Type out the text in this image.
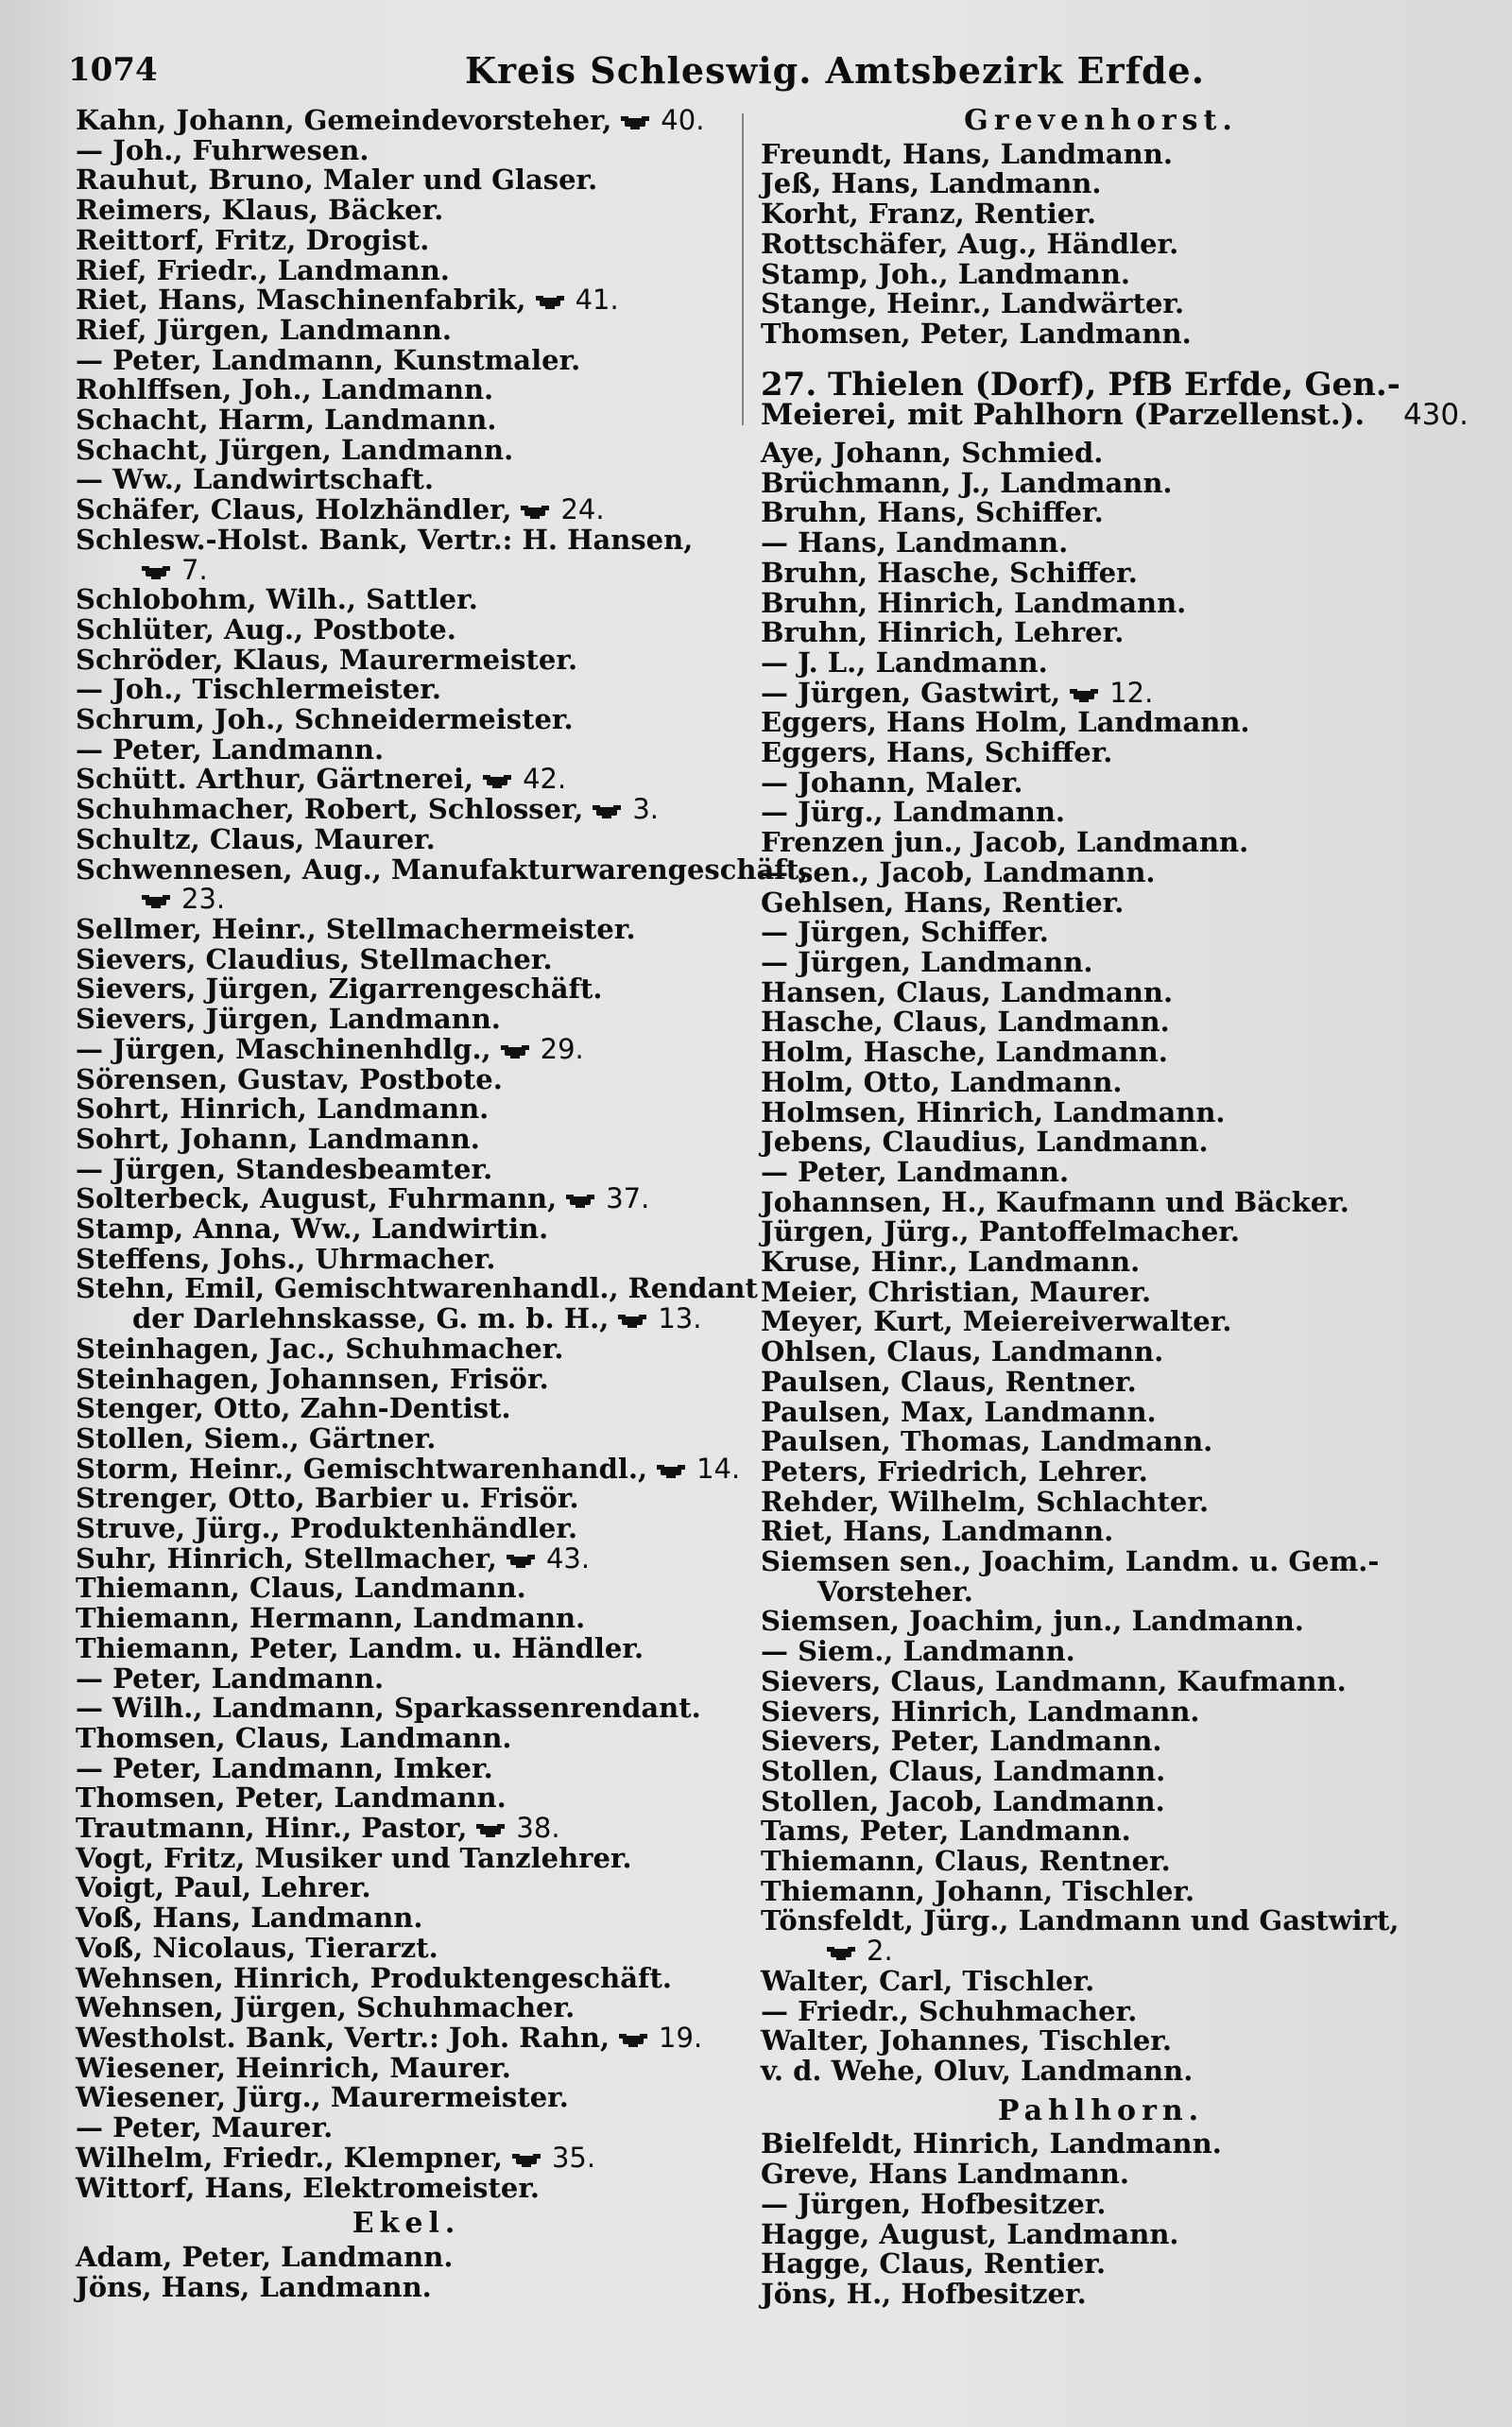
1074	Kreis Schleswig. Amtsbezirk Erfde.
Kahn, Johann, Gemeindevorsteher, 40.
— Joh., Fuhrwesen.
Rauhut, Bruno, Maler und Glaser.
Reimers, Klaus, Bäcker.
Reittorf, Fritz, Drogist.
Rief, Friedr., Landmann.
Riet, Hans, Maschinenfabrik, 41.
Rief, Jürgen, Landmann.
— Peter, Landmann, Kunstmaler.
Rohlffsen, Joh., Landmann.
Schacht, Harm, Landmann.
Schacht, Jürgen, Landmann.
— Ww., Landwirtschaft.
Schäfer, Claus, Holzhändler, 24.
Schlesw.-Holst. Bank, Vertr.: H. Hansen,
7.
Schlobohm, Wilh., Sattler.
Schlüter, Aug., Postbote.
Schröder, Klaus, Maurermeister.
— Joh., Tischlermeister.
Schrum, Joh., Schneidermeister.
— Peter, Landmann.
Schütt. Arthur, Gärtnerei, 42.
Schuhmacher, Robert, Schlosser, 3.
Schultz, Claus, Maurer.
Schwennesen, Aug., Manufakturwarengeschäft,
23.
Sellmer, Heinr., Stellmachermeister.
Sievers, Claudius, Stellmacher.
Sievers, Jürgen, Zigarrengeschäft.
Sievers, Jürgen, Landmann.
— Jürgen, Maschinenhdlg., 29.
Sörensen, Gustav, Postbote.
Sohrt, Hinrich, Landmann.
Sohrt, Johann, Landmann.
— Jürgen, Standesbeamter.
Solterbeck, August, Fuhrmann, 37.
Stamp, Anna, Ww., Landwirtin.
Steffens, Johs., Uhrmacher.
Stehn, Emil, Gemischtwarenhandl., Rendant
der Darlehnskasse, G. m. b. H., 13.
Steinhagen, Jac., Schuhmacher.
Steinhagen, Johannsen, Frisör.
Stenger, Otto, Zahn-Dentist.
Stollen, Siem., Gärtner.
Storm, Heinr., Gemischtwarenhandl., 14.
Strenger, Otto, Barbier u. Frisör.
Struve, Jürg., Produktenhändler.
Suhr, Hinrich, Stellmacher, 43.
Thiemann, Claus, Landmann.
Thiemann, Hermann, Landmann.
Thiemann, Peter, Landm. u. Händler.
— Peter, Landmann.
— Wilh., Landmann, Sparkassenrendant.
Thomsen, Claus, Landmann.
— Peter, Landmann, Imker.
Thomsen, Peter, Landmann.
Trautmann, Hinr., Pastor, 38.
Vogt, Fritz, Musiker und Tanzlehrer.
Voigt, Paul, Lehrer.
Voß, Hans, Landmann.
Voß, Nicolaus, Tierarzt.
Wehnsen, Hinrich, Produktengeschäft.
Wehnsen, Jürgen, Schuhmacher.
Westholst. Bank, Vertr.: Joh. Rahn, 19.
Wiesener, Heinrich, Maurer.
Wiesener, Jürg., Maurermeister.
— Peter, Maurer.
Wilhelm, Friedr., Klempner, 35.
Wittorf, Hans, Elektromeister.
Ekel.
Adam, Peter, Landmann.
Jöns, Hans, Landmann.
Grevenhorst.
Freundt, Hans, Landmann.
Jeß, Hans, Landmann.
Korht, Franz, Rentier.
Rottschäfer, Aug., Händler.
Stamp, Joh., Landmann.
Stange, Heinr., Landwärter.
Thomsen, Peter, Landmann.
27. Thielen (Dorf), PfB Erfde, Gen.-
Meierei, mit Pahlhorn (Parzellenst.). 430.
Aye, Johann, Schmied.
Brüchmann, J., Landmann.
Bruhn, Hans, Schiffer.
— Hans, Landmann.
Bruhn, Hasche, Schiffer.
Bruhn, Hinrich, Landmann.
Bruhn, Hinrich, Lehrer.
— J. L., Landmann.
— Jürgen, Gastwirt, 12.
Eggers, Hans Holm, Landmann.
Eggers, Hans, Schiffer.
— Johann, Maler.
— Jürg., Landmann.
Frenzen jun., Jacob, Landmann.
— sen., Jacob, Landmann.
Gehlsen, Hans, Rentier.
— Jürgen, Schiffer.
— Jürgen, Landmann.
Hansen, Claus, Landmann.
Hasche, Claus, Landmann.
Holm, Hasche, Landmann.
Holm, Otto, Landmann.
Holmsen, Hinrich, Landmann.
Jebens, Claudius, Landmann.
— Peter, Landmann.
Johannsen, H., Kaufmann und Bäcker.
Jürgen, Jürg., Pantoffelmacher.
Kruse, Hinr., Landmann.
Meier, Christian, Maurer.
Meyer, Kurt, Meiereiverwalter.
Ohlsen, Claus, Landmann.
Paulsen, Claus, Rentner.
Paulsen, Max, Landmann.
Paulsen, Thomas, Landmann.
Peters, Friedrich, Lehrer.
Rehder, Wilhelm, Schlachter.
Riet, Hans, Landmann.
Siemsen sen., Joachim, Landm. u. Gem.-
Vorsteher.
Siemsen, Joachim, jun., Landmann.
— Siem., Landmann.
Sievers, Claus, Landmann, Kaufmann.
Sievers, Hinrich, Landmann.
Sievers, Peter, Landmann.
Stollen, Claus, Landmann.
Stollen, Jacob, Landmann.
Tams, Peter, Landmann.
Thiemann, Claus, Rentner.
Thiemann, Johann, Tischler.
Tönsfeldt, Jürg., Landmann und Gastwirt,
2.
Walter, Carl, Tischler.
— Friedr., Schuhmacher.
Walter, Johannes, Tischler.
v. d. Wehe, Oluv, Landmann.
Pahlhorn.
Bielfeldt, Hinrich, Landmann.
Greve, Hans Landmann.
— Jürgen, Hofbesitzer.
Hagge, August, Landmann.
Hagge, Claus, Rentier.
Jöns, H., Hofbesitzer.
